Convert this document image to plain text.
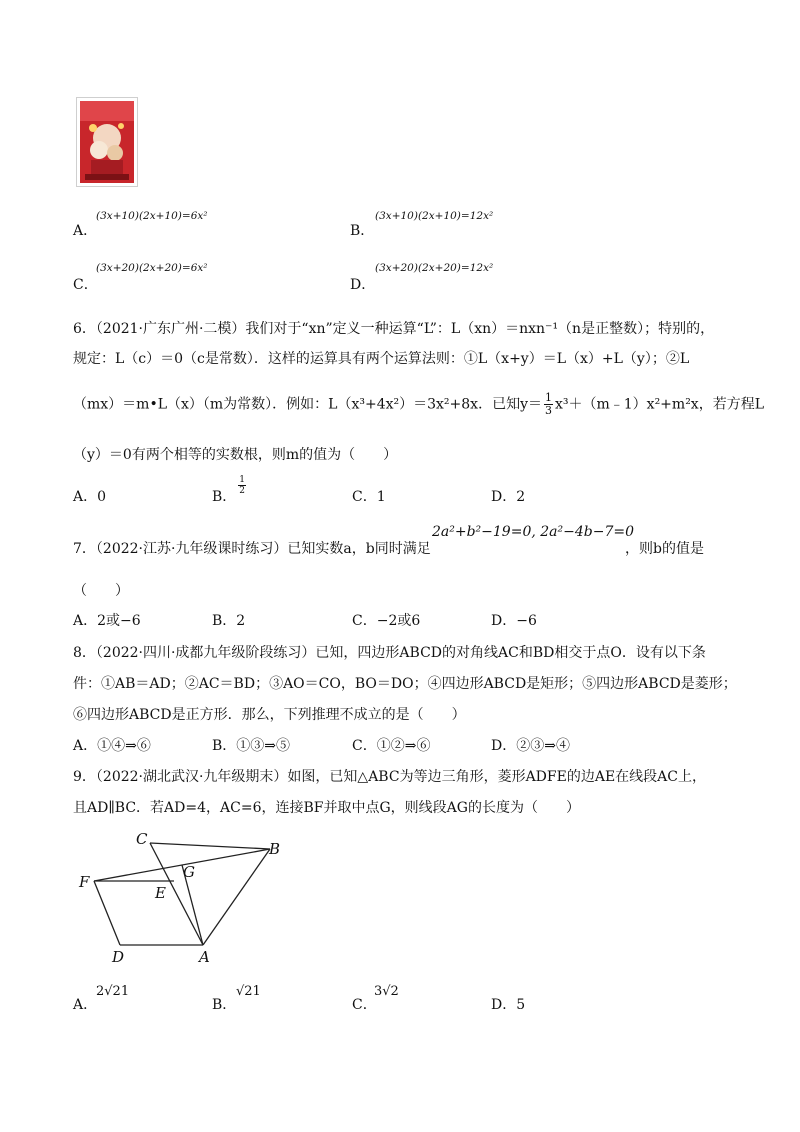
A．
(3x+10)(2x+10)=6x²
B．
(3x+10)(2x+10)=12x²
C．
(3x+20)(2x+20)=6x²
D．
(3x+20)(2x+20)=12x²
6．（2021·广东广州·二模）我们对于“xn”定义一种运算“L”：L（xn）＝nxn⁻¹（n是正整数）；特别的，
规定：L（c）＝0（c是常数）．这样的运算具有两个运算法则：①L（x+y）＝L（x）+L（y）；②L
（mx）＝m•L（x）（m为常数）．例如：L（x³+4x²）＝3x²+8x．已知$y= \frac{1}{3}$ x³＋（m﹣1）x²+m²x，若方程L
（y）＝0有两个相等的实数根，则m的值为（　　）
A．0	B．
$\frac{1}{2}$
C．1	D．2
7．（2022·江苏·九年级课时练习）已知实数a，b同时满足
2a²+b²−19=0, 2a²−4b−7=0
，则b的值是
（　　）
A．2或−6	B．2	C．−2或6	D．−6
8．（2022·四川·成都九年级阶段练习）已知，四边形ABCD的对角线AC和BD相交于点O．设有以下条
件：①AB＝AD；②AC＝BD；③AO＝CO，BO＝DO；④四边形ABCD是矩形；⑤四边形ABCD是菱形；
⑥四边形ABCD是正方形．那么，下列推理不成立的是（　　）
A．①④⇒⑥	B．①③⇒⑤	C．①②⇒⑥	D．②③⇒④
9．（2022·湖北武汉·九年级期末）如图，已知△ABC为等边三角形，菱形ADFE的边AE在线段AC上，
且AD∥BC．若AD=4，AC=6，连接BF并取中点G，则线段AG的长度为（　　）
C
B
F
G
E
D	A
A．
2√21
B．
√21
C．
3√2
D．5
